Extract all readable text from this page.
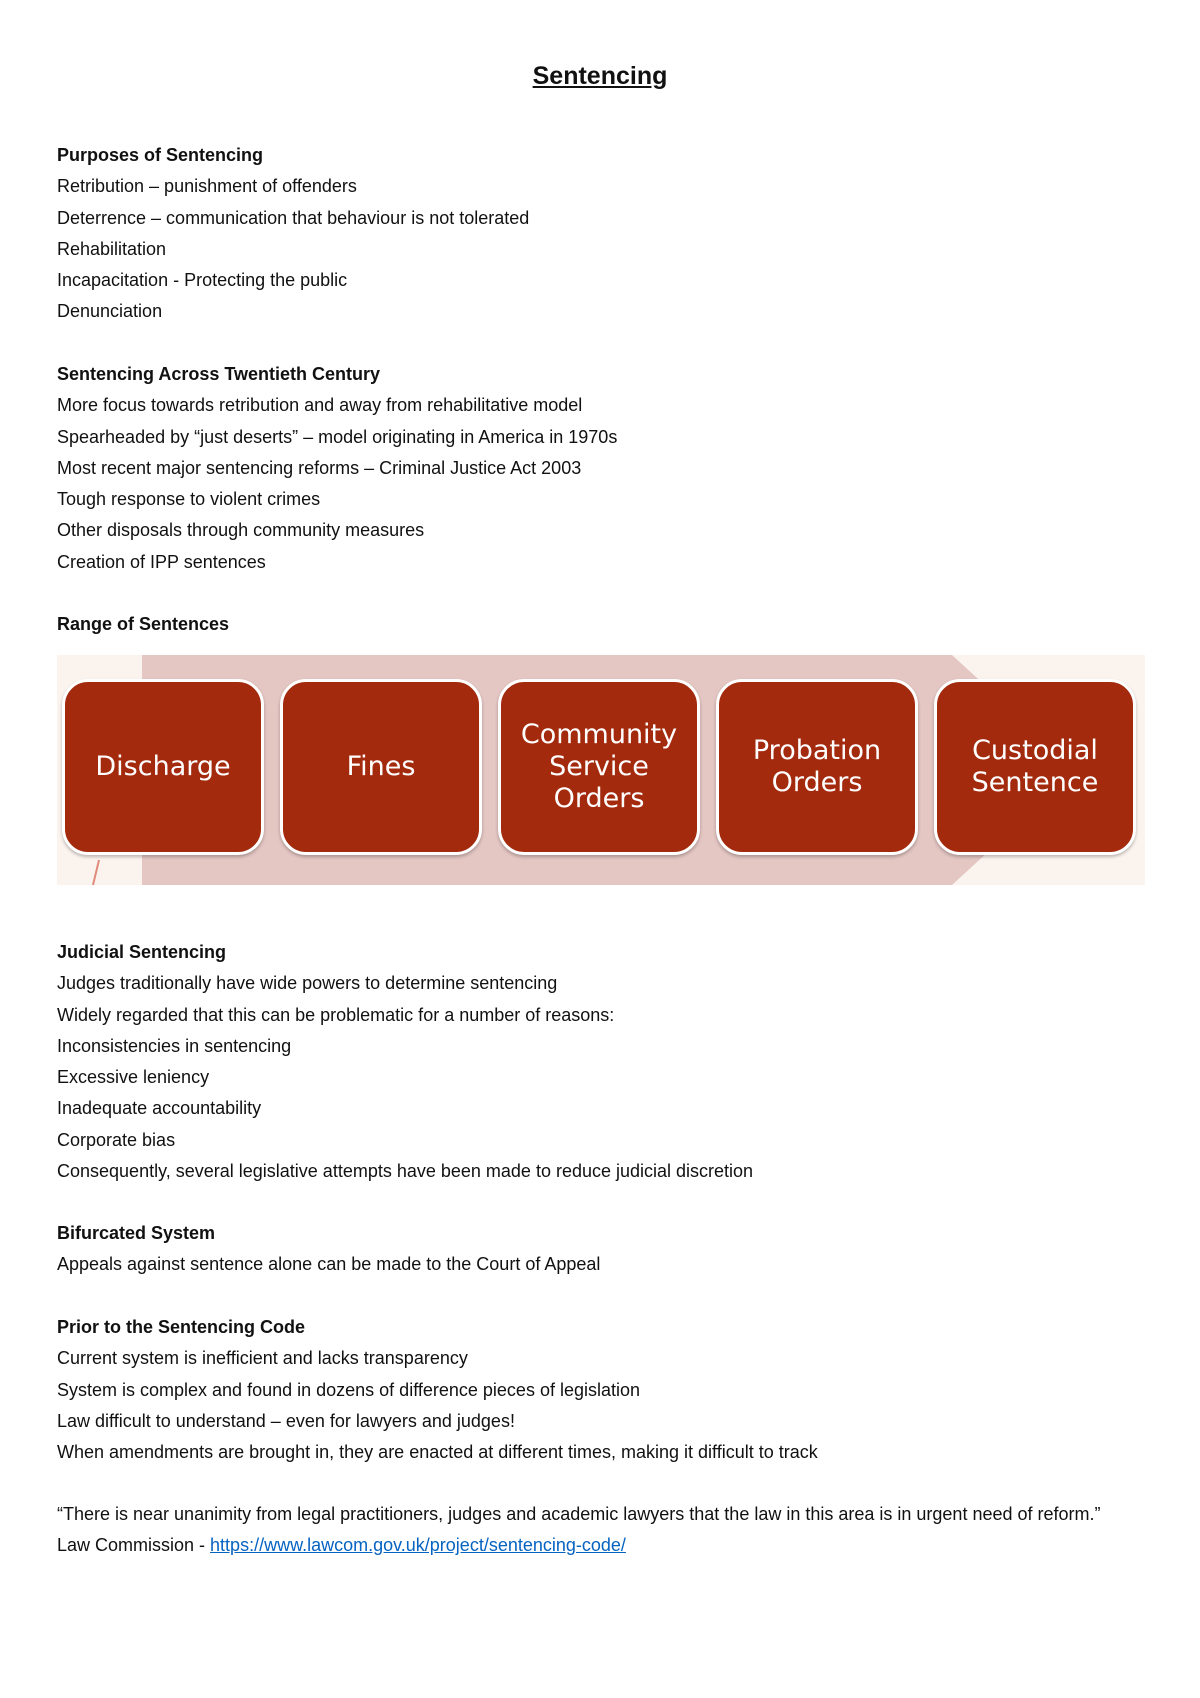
Sentencing

Purposes of Sentencing

Retribution – punishment of offenders

Deterrence – communication that behaviour is not tolerated

Rehabilitation

Incapacitation - Protecting the public

Denunciation

Sentencing Across Twentieth Century

More focus towards retribution and away from rehabilitative model

Spearheaded by “just deserts” – model originating in America in 1970s

Most recent major sentencing reforms – Criminal Justice Act 2003

Tough response to violent crimes

Other disposals through community measures

Creation of IPP sentences

Range of Sentences

Discharge	Fines
Community
Service
Orders
Probation
Orders
Custodial
Sentence

Judicial Sentencing

Judges traditionally have wide powers to determine sentencing

Widely regarded that this can be problematic for a number of reasons:

Inconsistencies in sentencing

Excessive leniency

Inadequate accountability

Corporate bias

Consequently, several legislative attempts have been made to reduce judicial discretion

Bifurcated System

Appeals against sentence alone can be made to the Court of Appeal

Prior to the Sentencing Code

Current system is inefficient and lacks transparency

System is complex and found in dozens of difference pieces of legislation

Law difficult to understand – even for lawyers and judges!

When amendments are brought in, they are enacted at different times, making it difficult to track

“There is near unanimity from legal practitioners, judges and academic lawyers that the law in this area is in urgent need of reform.”

Law Commission - https://www.lawcom.gov.uk/project/sentencing-code/
